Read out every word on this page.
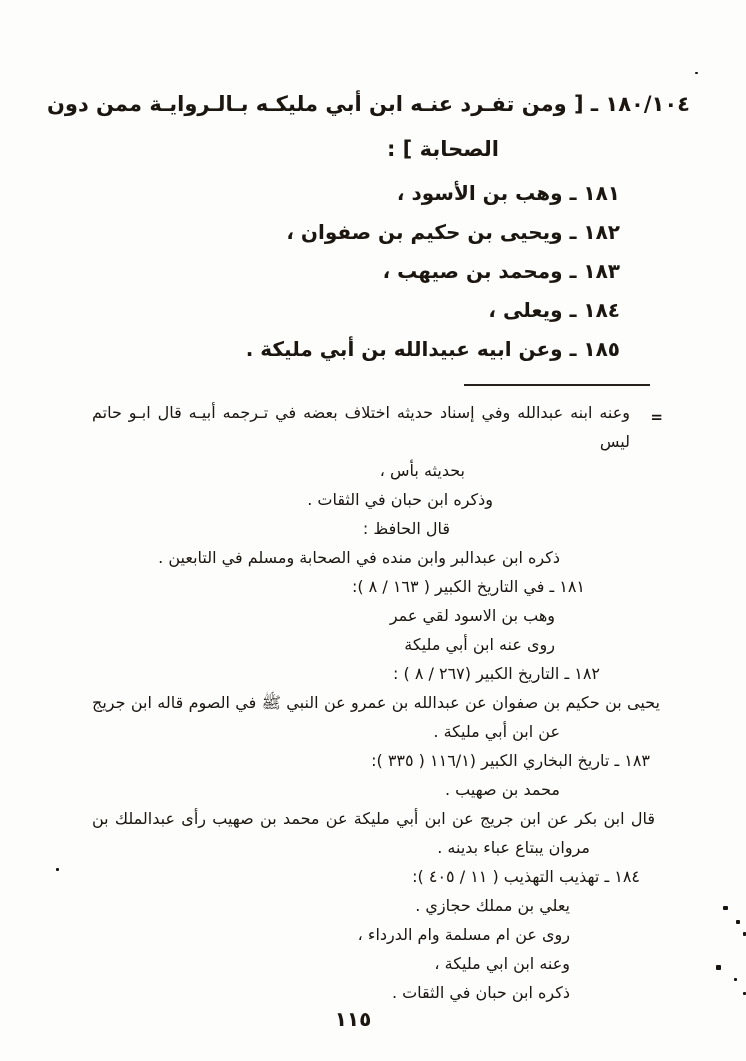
١٨٠/١٠٤ ـ [ ومن تفـرد عنـه ابن أبي مليكـه بـالـروايـة ممن دون
الصحابة ] :
١٨١ ـ وهب بن الأسود ،
١٨٢ ـ ويحيى بن حكيم بن صفوان ،
١٨٣ ـ ومحمد بن صيهب ،
١٨٤ ـ ويعلى ،
١٨٥ ـ وعن ابيه عبيدالله بن أبي مليكة .
=
وعنه ابنه عبدالله وفي إسناد حديثه اختلاف بعضه في تـرجمه أبيـه قال ابـو حاتم ليس
بحديثه بأس ،
وذكره ابن حبان في الثقات .
قال الحافظ :
ذكره ابن عبدالبر وابن منده في الصحابة ومسلم في التابعين .
١٨١ ـ في التاريخ الكبير ( ١٦٣ / ٨ ):
وهب بن الاسود لقي عمر
روى عنه ابن أبي مليكة
١٨٢ ـ التاريخ الكبير (٢٦٧ / ٨ ) :
يحيى بن حكيم بن صفوان عن عبدالله بن عمرو عن النبي ﷺ في الصوم قاله ابن جريج
عن ابن أبي مليكة .
١٨٣ ـ تاريخ البخاري الكبير (١١٦/١ ( ٣٣٥ ):
محمد بن صهيب .
قال ابن بكر عن ابن جريج عن ابن أبي مليكة عن محمد بن صهيب رأى عبدالملك بن
مروان يبتاع عباء بدينه .
١٨٤ ـ تهذيب التهذيب ( ١١ / ٤٠٥ ):
يعلي بن مملك حجازي .
روى عن ام مسلمة وام الدرداء ،
وعنه ابن ابي مليكة ،
ذكره ابن حبان في الثقات .
١١٥
